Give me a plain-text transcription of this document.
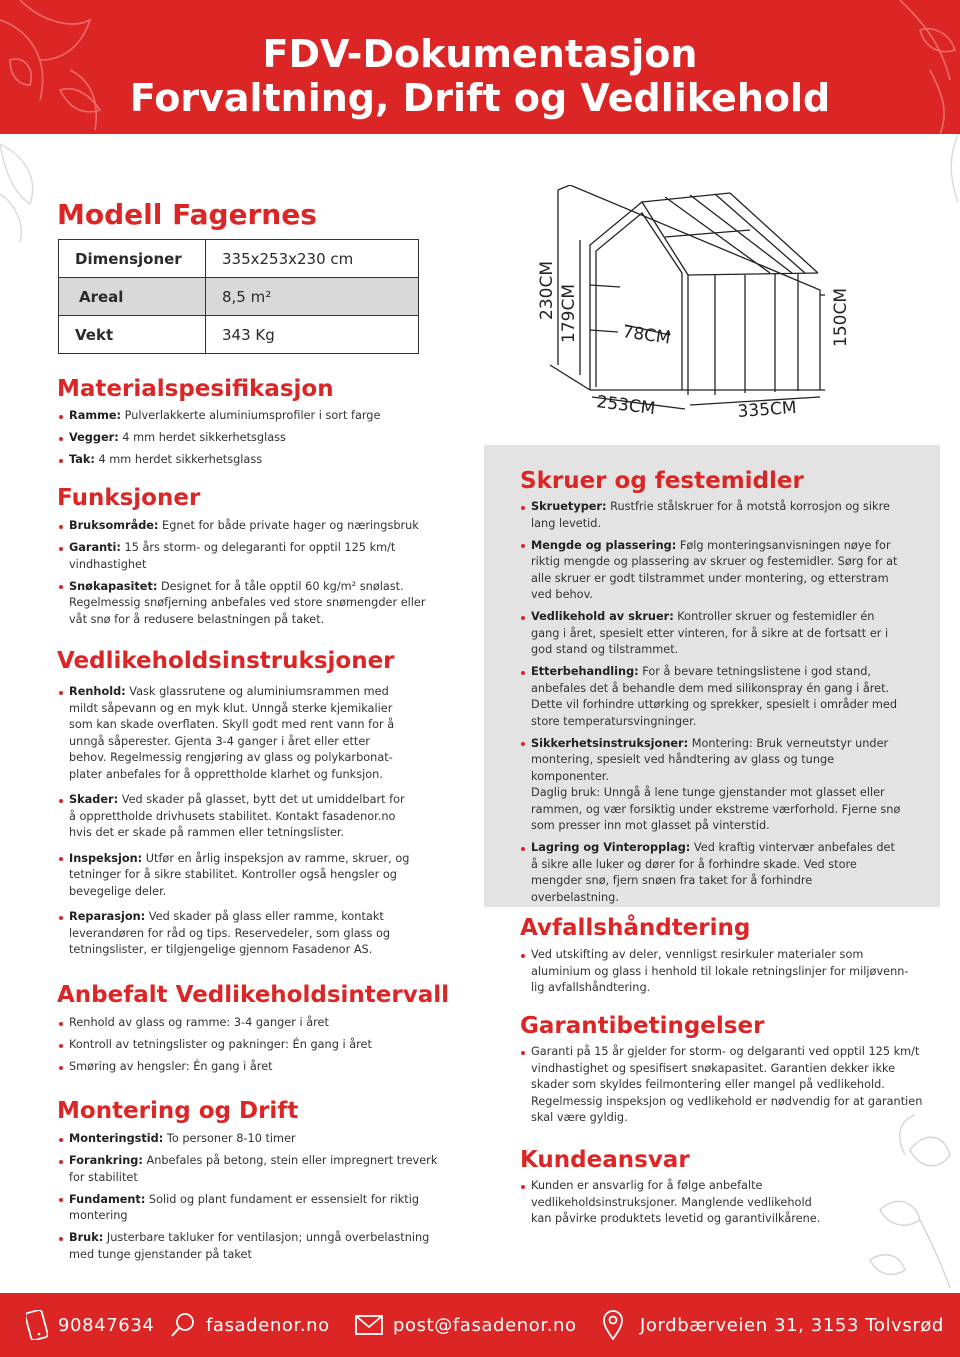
FDV-Dokumentasjon
Forvaltning, Drift og Vedlikehold
Modell Fagernes
Dimensjoner	335x253x230 cm
Areal	8,5 m²
Vekt	343 Kg
230CM 179CM 78CM	150CM
253CM	335CM
Materialspesifikasjon
Ramme: Pulverlakkerte aluminiumsprofiler i sort farge
Vegger: 4 mm herdet sikkerhetsglass
Tak: 4 mm herdet sikkerhetsglass
Funksjoner
Bruksområde: Egnet for både private hager og næringsbruk
Garanti: 15 års storm- og delegaranti for opptil 125 km/t vindhastighet
Snøkapasitet: Designet for å tåle opptil 60 kg/m² snølast. Regelmessig snøfjerning anbefales ved store snømengder eller våt snø for å redusere belastningen på taket.
Vedlikeholdsinstruksjoner
Renhold: Vask glassrutene og aluminiumsrammen med mildt såpevann og en myk klut. Unngå sterke kjemikalier som kan skade overflaten. Skyll godt med rent vann for å unngå såperester. Gjenta 3-4 ganger i året eller etter behov. Regelmessig rengjøring av glass og polykarbonat-plater anbefales for å opprettholde klarhet og funksjon.
Skader: Ved skader på glasset, bytt det ut umiddelbart for å opprettholde drivhusets stabilitet. Kontakt fasadenor.no hvis det er skade på rammen eller tetningslister.
Inspeksjon: Utfør en årlig inspeksjon av ramme, skruer, og tetninger for å sikre stabilitet. Kontroller også hengsler og bevegelige deler.
Reparasjon: Ved skader på glass eller ramme, kontakt leverandøren for råd og tips. Reservedeler, som glass og tetningslister, er tilgjengelige gjennom Fasadenor AS.
Anbefalt Vedlikeholdsintervall
Renhold av glass og ramme: 3-4 ganger i året
Kontroll av tetningslister og pakninger: Én gang i året
Smøring av hengsler: Én gang i året
Montering og Drift
Monteringstid: To personer 8-10 timer
Forankring: Anbefales på betong, stein eller impregnert treverk for stabilitet
Fundament: Solid og plant fundament er essensielt for riktig montering
Bruk: Justerbare takluker for ventilasjon; unngå overbelastning med tunge gjenstander på taket
Skruer og festemidler
Skruetyper: Rustfrie stålskruer for å motstå korrosjon og sikre lang levetid.
Mengde og plassering: Følg monteringsanvisningen nøye for riktig mengde og plassering av skruer og festemidler. Sørg for at alle skruer er godt tilstrammet under montering, og etterstram ved behov.
Vedlikehold av skruer: Kontroller skruer og festemidler én gang i året, spesielt etter vinteren, for å sikre at de fortsatt er i god stand og tilstrammet.
Etterbehandling: For å bevare tetningslistene i god stand, anbefales det å behandle dem med silikonspray én gang i året. Dette vil forhindre uttørking og sprekker, spesielt i områder med store temperatursvingninger.
Sikkerhetsinstruksjoner: Montering: Bruk verneutstyr under montering, spesielt ved håndtering av glass og tunge komponenter.
Daglig bruk: Unngå å lene tunge gjenstander mot glasset eller rammen, og vær forsiktig under ekstreme værforhold. Fjerne snø som presser inn mot glasset på vinterstid.
Lagring og Vinteropplag: Ved kraftig vintervær anbefales det å sikre alle luker og dører for å forhindre skade. Ved store mengder snø, fjern snøen fra taket for å forhindre overbelastning.
Avfallshåndtering
Ved utskifting av deler, vennligst resirkuler materialer som aluminium og glass i henhold til lokale retningslinjer for miljøvenn-lig avfallshåndtering.
Garantibetingelser
Garanti på 15 år gjelder for storm- og delgaranti ved opptil 125 km/t vindhastighet og spesifisert snøkapasitet. Garantien dekker ikke skader som skyldes feilmontering eller mangel på vedlikehold. Regelmessig inspeksjon og vedlikehold er nødvendig for at garantien skal være gyldig.
Kundeansvar
Kunden er ansvarlig for å følge anbefalte vedlikeholdsinstruksjoner. Manglende vedlikehold kan påvirke produktets levetid og garantivilkårene.
90847634	fasadenor.no	post@fasadenor.no	Jordbærveien 31, 3153 Tolvsrød
